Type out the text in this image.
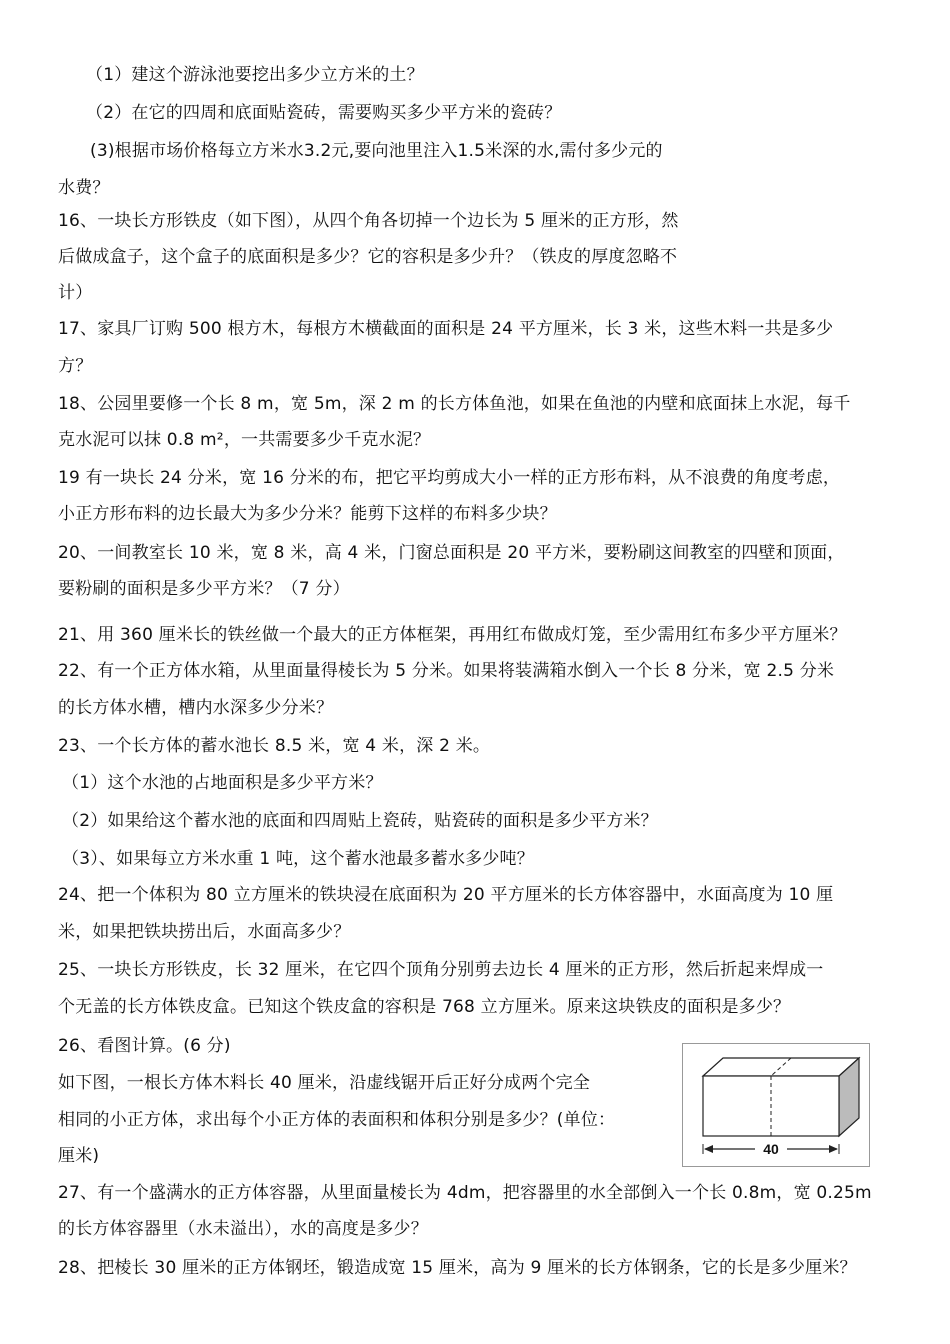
（1）建这个游泳池要挖出多少立方米的土？
（2）在它的四周和底面贴瓷砖，需要购买多少平方米的瓷砖？
(3)根据市场价格每立方米水3.2元,要向池里注入1.5米深的水,需付多少元的
水费？
16、一块长方形铁皮（如下图），从四个角各切掉一个边长为 5 厘米的正方形，然
后做成盒子，这个盒子的底面积是多少？它的容积是多少升？（铁皮的厚度忽略不
计）
17、家具厂订购 500 根方木，每根方木横截面的面积是 24 平方厘米，长 3 米，这些木料一共是多少
方？
18、公园里要修一个长 8 m，宽 5m，深 2 m 的长方体鱼池，如果在鱼池的内壁和底面抹上水泥，每千
克水泥可以抹 0.8 m²，一共需要多少千克水泥？
19 有一块长 24 分米，宽 16 分米的布，把它平均剪成大小一样的正方形布料，从不浪费的角度考虑，
小正方形布料的边长最大为多少分米？能剪下这样的布料多少块？
20、一间教室长 10 米，宽 8 米，高 4 米，门窗总面积是 20 平方米，要粉刷这间教室的四壁和顶面，
要粉刷的面积是多少平方米？（7 分）
21、用 360 厘米长的铁丝做一个最大的正方体框架，再用红布做成灯笼，至少需用红布多少平方厘米？
22、有一个正方体水箱，从里面量得棱长为 5 分米。如果将装满箱水倒入一个长 8 分米，宽 2.5 分米
的长方体水槽，槽内水深多少分米？
23、一个长方体的蓄水池长 8.5 米，宽 4 米，深 2 米。
（1）这个水池的占地面积是多少平方米？
（2）如果给这个蓄水池的底面和四周贴上瓷砖，贴瓷砖的面积是多少平方米？
（3）、如果每立方米水重 1 吨，这个蓄水池最多蓄水多少吨？
24、把一个体积为 80 立方厘米的铁块浸在底面积为 20 平方厘米的长方体容器中，水面高度为 10 厘
米，如果把铁块捞出后，水面高多少？
25、一块长方形铁皮，长 32 厘米，在它四个顶角分别剪去边长 4 厘米的正方形，然后折起来焊成一
个无盖的长方体铁皮盒。已知这个铁皮盒的容积是 768 立方厘米。原来这块铁皮的面积是多少？
26、看图计算。(6 分)
如下图，一根长方体木料长 40 厘米，沿虚线锯开后正好分成两个完全
相同的小正方体，求出每个小正方体的表面积和体积分别是多少？(单位：
厘米)
27、有一个盛满水的正方体容器，从里面量棱长为 4dm，把容器里的水全部倒入一个长 0.8m，宽 0.25m
的长方体容器里（水未溢出），水的高度是多少？
28、把棱长 30 厘米的正方体钢坯，锻造成宽 15 厘米，高为 9 厘米的长方体钢条，它的长是多少厘米？
40
